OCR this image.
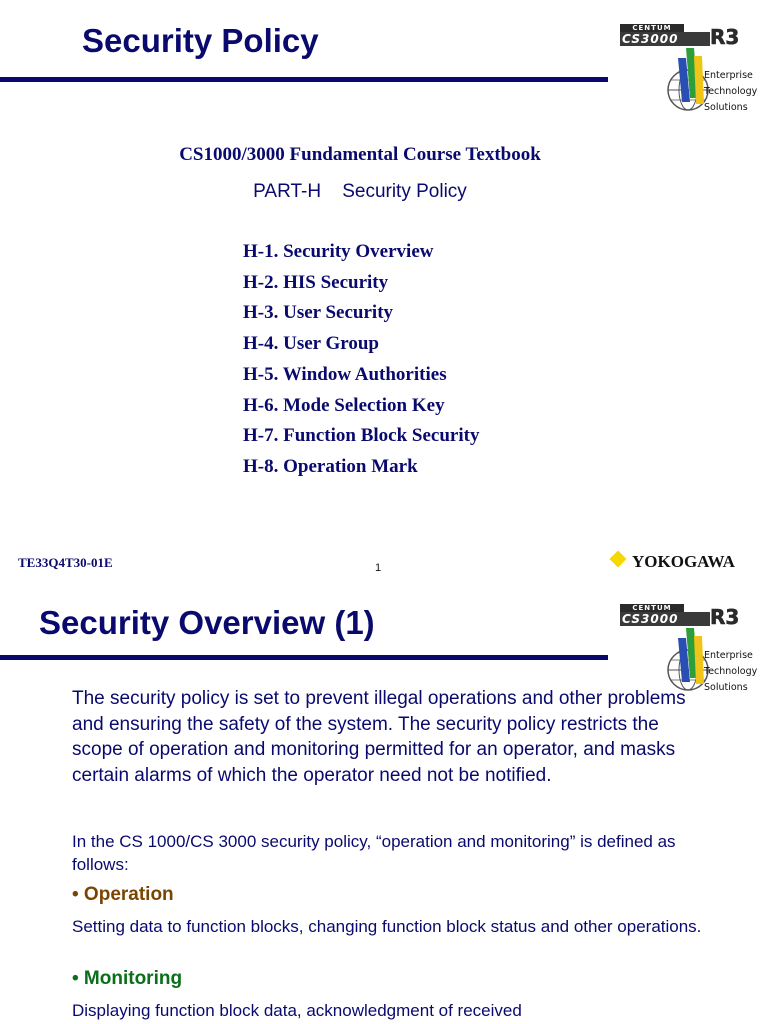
Security Policy	CENTUM
CS3000	R3
Enterprise
Technology
Solutions
CS1000/3000 Fundamental Course Textbook
PART-H    Security Policy
H-1. Security Overview
H-2. HIS Security
H-3. User Security
H-4. User Group
H-5. Window Authorities
H-6. Mode Selection Key
H-7. Function Block Security
H-8. Operation Mark
TE33Q4T30-01E	1	YOKOGAWA
Security Overview (1)	CENTUM
CS3000	R3
Enterprise
Technology
Solutions
The security policy is set to prevent illegal operations and other problems and ensuring the safety of the system. The security policy restricts the scope of operation and monitoring permitted for an operator, and masks certain alarms of which the operator need not be notified.
In the CS 1000/CS 3000 security policy, “operation and monitoring” is defined as follows:
• Operation
Setting data to function blocks, changing function block status and other operations.
• Monitoring
Displaying function block data, acknowledgment of received
